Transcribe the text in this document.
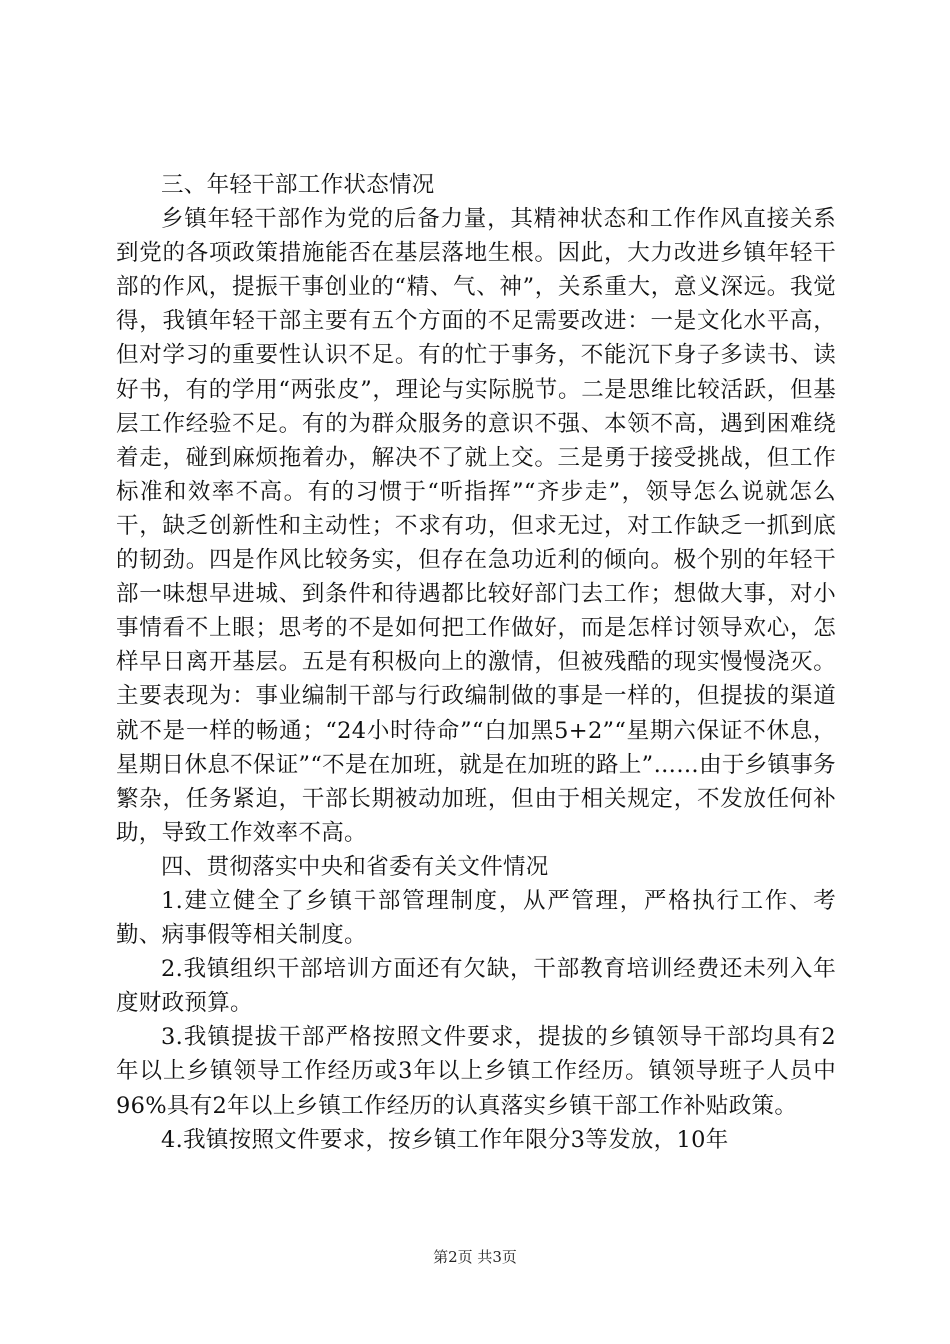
三、年轻干部工作状态情况

乡镇年轻干部作为党的后备力量，其精神状态和工作作风直接关系到党的各项政策措施能否在基层落地生根。因此，大力改进乡镇年轻干部的作风，提振干事创业的“精、气、神”，关系重大，意义深远。我觉得，我镇年轻干部主要有五个方面的不足需要改进：一是文化水平高，但对学习的重要性认识不足。有的忙于事务，不能沉下身子多读书、读好书，有的学用“两张皮”，理论与实际脱节。二是思维比较活跃，但基层工作经验不足。有的为群众服务的意识不强、本领不高，遇到困难绕着走，碰到麻烦拖着办，解决不了就上交。三是勇于接受挑战，但工作标准和效率不高。有的习惯于“听指挥”“齐步走”，领导怎么说就怎么干，缺乏创新性和主动性；不求有功，但求无过，对工作缺乏一抓到底的韧劲。四是作风比较务实，但存在急功近利的倾向。极个别的年轻干部一味想早进城、到条件和待遇都比较好部门去工作；想做大事，对小事情看不上眼；思考的不是如何把工作做好，而是怎样讨领导欢心，怎样早日离开基层。五是有积极向上的激情，但被残酷的现实慢慢浇灭。主要表现为：事业编制干部与行政编制做的事是一样的，但提拔的渠道就不是一样的畅通；“24小时待命”“白加黑5+2”“星期六保证不休息，星期日休息不保证”“不是在加班，就是在加班的路上”……由于乡镇事务繁杂，任务紧迫，干部长期被动加班，但由于相关规定，不发放任何补助，导致工作效率不高。

四、贯彻落实中央和省委有关文件情况

1.建立健全了乡镇干部管理制度，从严管理，严格执行工作、考勤、病事假等相关制度。

2.我镇组织干部培训方面还有欠缺，干部教育培训经费还未列入年度财政预算。

3.我镇提拔干部严格按照文件要求，提拔的乡镇领导干部均具有2年以上乡镇领导工作经历或3年以上乡镇工作经历。镇领导班子人员中96%具有2年以上乡镇工作经历的认真落实乡镇干部工作补贴政策。

4.我镇按照文件要求，按乡镇工作年限分3等发放，10年

第2页 共3页
